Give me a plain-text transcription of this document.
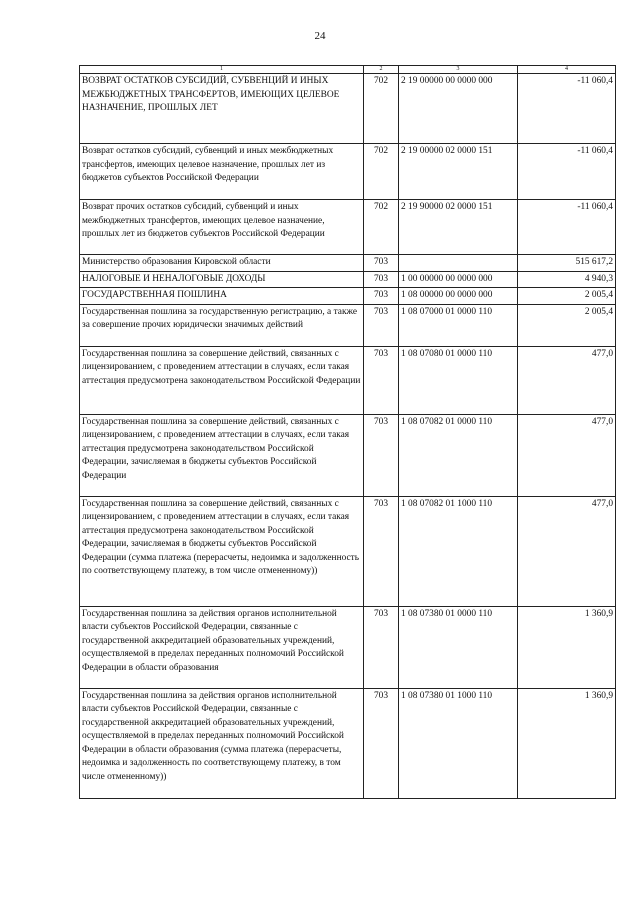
24
1	2	3	4
ВОЗВРАТ ОСТАТКОВ СУБСИДИЙ, СУБВЕНЦИЙ И ИНЫХ МЕЖБЮДЖЕТНЫХ ТРАНСФЕРТОВ, ИМЕЮЩИХ ЦЕЛЕВОЕ НАЗНАЧЕНИЕ, ПРОШЛЫХ ЛЕТ	702	2 19 00000 00 0000 000	-11 060,4
Возврат остатков субсидий, субвенций и иных межбюджетных трансфертов, имеющих целевое назначение, прошлых лет из бюджетов субъектов Российской Федерации	702	2 19 00000 02 0000 151	-11 060,4
Возврат прочих остатков субсидий, субвенций и иных межбюджетных трансфертов, имеющих целевое назначение, прошлых лет из бюджетов субъектов Российской Федерации	702	2 19 90000 02 0000 151	-11 060,4
Министерство образования Кировской области	703		515 617,2
НАЛОГОВЫЕ И НЕНАЛОГОВЫЕ ДОХОДЫ	703	1 00 00000 00 0000 000	4 940,3
ГОСУДАРСТВЕННАЯ ПОШЛИНА	703	1 08 00000 00 0000 000	2 005,4
Государственная пошлина за государственную регистрацию, а также за совершение прочих юридически значимых действий	703	1 08 07000 01 0000 110	2 005,4
Государственная пошлина за совершение действий, связанных с лицензированием, с проведением аттестации в случаях, если такая аттестация предусмотрена законодательством Российской Федерации	703	1 08 07080 01 0000 110	477,0
Государственная пошлина за совершение действий, связанных с лицензированием, с проведением аттестации в случаях, если такая аттестация предусмотрена законодательством Российской Федерации, зачисляемая в бюджеты субъектов Российской Федерации	703	1 08 07082 01 0000 110	477,0
Государственная пошлина за совершение действий, связанных с лицензированием, с проведением аттестации в случаях, если такая аттестация предусмотрена законодательством Российской Федерации, зачисляемая в бюджеты субъектов Российской Федерации (сумма платежа (перерасчеты, недоимка и задолженность по соответствующему платежу, в том числе отмененному))	703	1 08 07082 01 1000 110	477,0
Государственная пошлина за действия органов исполнительной власти субъектов Российской Федерации, связанные с государственной аккредитацией образовательных учреждений, осуществляемой в пределах переданных полномочий Российской Федерации в области образования	703	1 08 07380 01 0000 110	1 360,9
Государственная пошлина за действия органов исполнительной власти субъектов Российской Федерации, связанные с государственной аккредитацией образовательных учреждений, осуществляемой в пределах переданных полномочий Российской Федерации в области образования (сумма платежа (перерасчеты, недоимка и задолженность по соответствующему платежу, в том числе отмененному))	703	1 08 07380 01 1000 110	1 360,9
